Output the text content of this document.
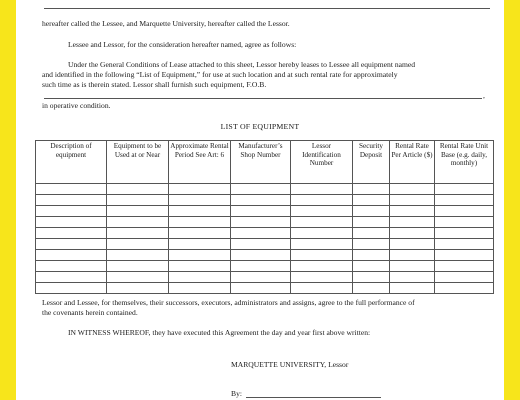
hereafter called the Lessee, and Marquette University, hereafter called the Lessor.

Lessee and Lessor, for the consideration hereafter named, agree as follows:

Under the General Conditions of Lease attached to this sheet, Lessor hereby leases to Lessee all equipment named

and identified in the following “List of Equipment,” for use at such location and at such rental rate for approximately

such time as is therein stated. Lessor shall furnish such equipment, F.O.B.

,

in operative condition.

LIST OF EQUIPMENT
Description of equipment	Equipment to be Used at or Near	Approximate Rental Period See Art: 6	Manufacturer’s Shop Number	Lessor Identification Number	Security Deposit	Rental Rate Per Article ($)	Rental Rate Unit Base (e.g. daily, monthly)

Lessor and Lessee, for themselves, their successors, executors, administrators and assigns, agree to the full performance of

the covenants herein contained.

IN WITNESS WHEREOF, they have executed this Agreement the day and year first above written:

MARQUETTE UNIVERSITY, Lessor

By:
